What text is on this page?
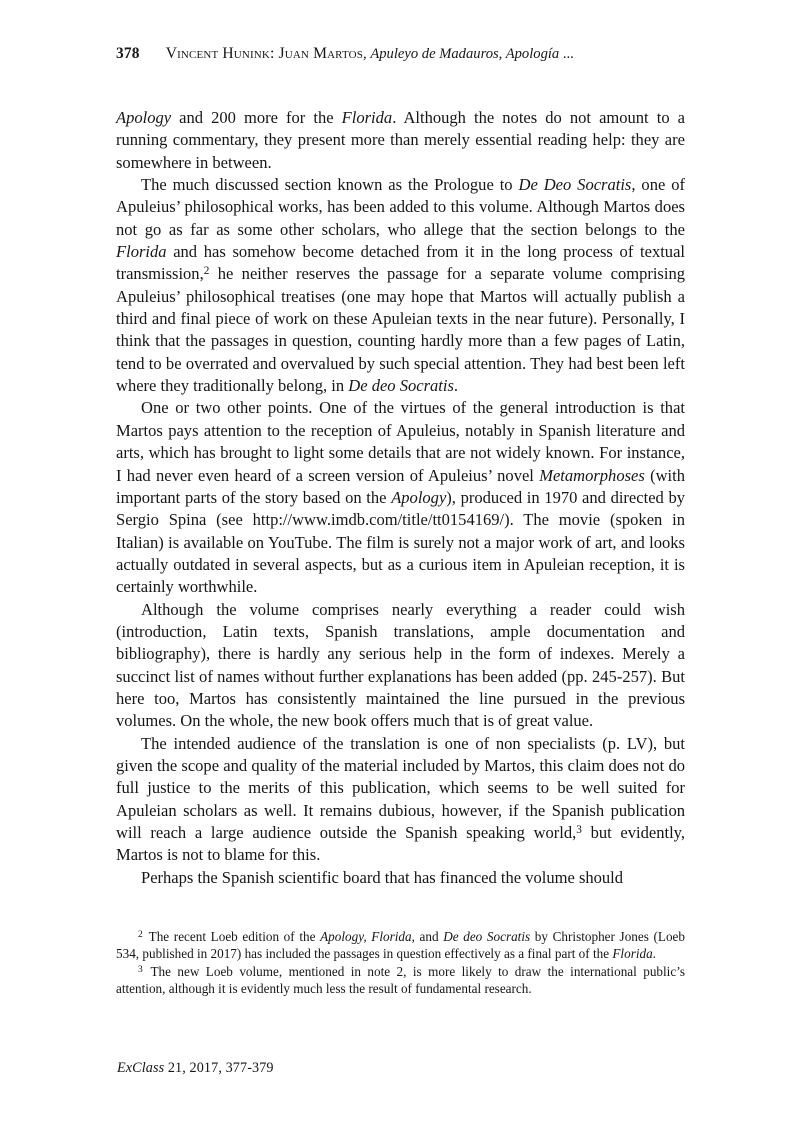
378 Vincent Hunink: Juan Martos, Apuleyo de Madauros, Apología ...

Apology and 200 more for the Florida. Although the notes do not amount to a running commentary, they present more than merely essential reading help: they are somewhere in between.

The much discussed section known as the Prologue to De Deo Socratis, one of Apuleius’ philosophical works, has been added to this volume. Although Martos does not go as far as some other scholars, who allege that the section belongs to the Florida and has somehow become detached from it in the long process of textual transmission,$^2$ he neither reserves the passage for a separate volume comprising Apuleius’ philosophical treatises (one may hope that Martos will actually publish a third and final piece of work on these Apuleian texts in the near future). Personally, I think that the passages in question, counting hardly more than a few pages of Latin, tend to be overrated and overvalued by such special attention. They had best been left where they traditionally belong, in De deo Socratis.

One or two other points. One of the virtues of the general introduction is that Martos pays attention to the reception of Apuleius, notably in Spanish literature and arts, which has brought to light some details that are not widely known. For instance, I had never even heard of a screen version of Apuleius’ novel Metamorphoses (with important parts of the story based on the Apology), produced in 1970 and directed by Sergio Spina (see http://www.imdb.com/title/tt0154169/). The movie (spoken in Italian) is available on YouTube. The film is surely not a major work of art, and looks actually outdated in several aspects, but as a curious item in Apuleian reception, it is certainly worthwhile.

Although the volume comprises nearly everything a reader could wish (introduction, Latin texts, Spanish translations, ample documentation and bibliography), there is hardly any serious help in the form of indexes. Merely a succinct list of names without further explanations has been added (pp. 245-257). But here too, Martos has consistently maintained the line pursued in the previous volumes. On the whole, the new book offers much that is of great value.

The intended audience of the translation is one of non specialists (p. LV), but given the scope and quality of the material included by Martos, this claim does not do full justice to the merits of this publication, which seems to be well suited for Apuleian scholars as well. It remains dubious, however, if the Spanish publication will reach a large audience outside the Spanish speaking world,$^3$ but evidently, Martos is not to blame for this.

Perhaps the Spanish scientific board that has financed the volume should

$^2$ The recent Loeb edition of the Apology, Florida, and De deo Socratis by Christopher Jones (Loeb 534, published in 2017) has included the passages in question effectively as a final part of the Florida.

$^3$ The new Loeb volume, mentioned in note 2, is more likely to draw the international public’s attention, although it is evidently much less the result of fundamental research.

ExClass 21, 2017, 377-379
